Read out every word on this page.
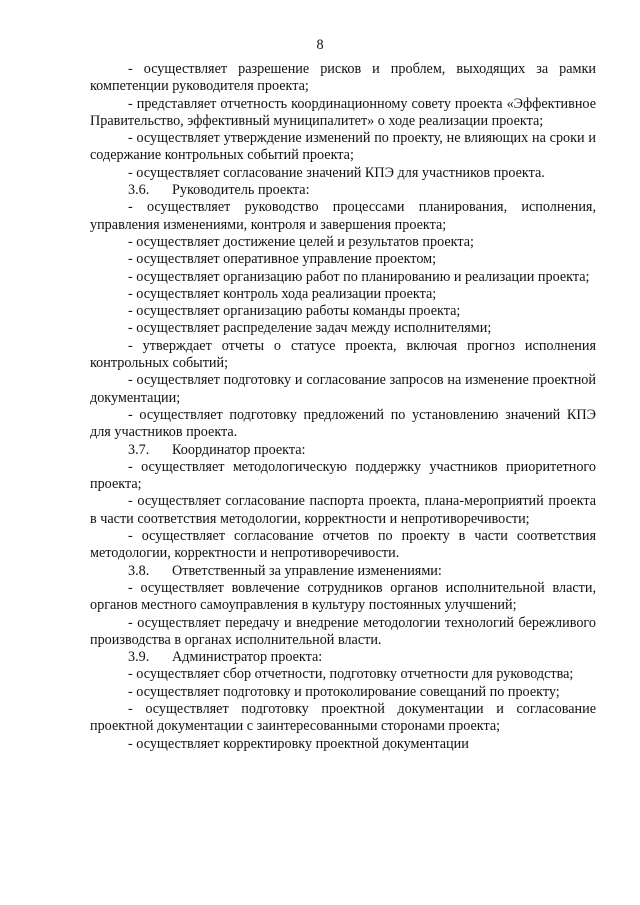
8

- осуществляет разрешение рисков и проблем, выходящих за рамки компетенции руководителя проекта;

- представляет отчетность координационному совету проекта «Эффективное Правительство, эффективный муниципалитет» о ходе реализации проекта;

- осуществляет утверждение изменений по проекту, не влияющих на сроки и содержание контрольных событий проекта;

- осуществляет согласование значений КПЭ для участников проекта.

3.6. Руководитель проекта:

- осуществляет руководство процессами планирования, исполнения, управления изменениями, контроля и завершения проекта;

- осуществляет достижение целей и результатов проекта;

- осуществляет оперативное управление проектом;

- осуществляет организацию работ по планированию и реализации проекта;

- осуществляет контроль хода реализации проекта;

- осуществляет организацию работы команды проекта;

- осуществляет распределение задач между исполнителями;

- утверждает отчеты о статусе проекта, включая прогноз исполнения контрольных событий;

- осуществляет подготовку и согласование запросов на изменение проектной документации;

- осуществляет подготовку предложений по установлению значений КПЭ для участников проекта.

3.7. Координатор проекта:

- осуществляет методологическую поддержку участников приоритетного проекта;

- осуществляет согласование паспорта проекта, плана-мероприятий проекта в части соответствия методологии, корректности и непротиворечивости;

- осуществляет согласование отчетов по проекту в части соответствия методологии, корректности и непротиворечивости.

3.8. Ответственный за управление изменениями:

- осуществляет вовлечение сотрудников органов исполнительной власти, органов местного самоуправления в культуру постоянных улучшений;

- осуществляет передачу и внедрение методологии технологий бережливого производства в органах исполнительной власти.

3.9. Администратор проекта:

- осуществляет сбор отчетности, подготовку отчетности для руководства;

- осуществляет подготовку и протоколирование совещаний по проекту;

- осуществляет подготовку проектной документации и согласование проектной документации с заинтересованными сторонами проекта;

- осуществляет корректировку проектной документации
